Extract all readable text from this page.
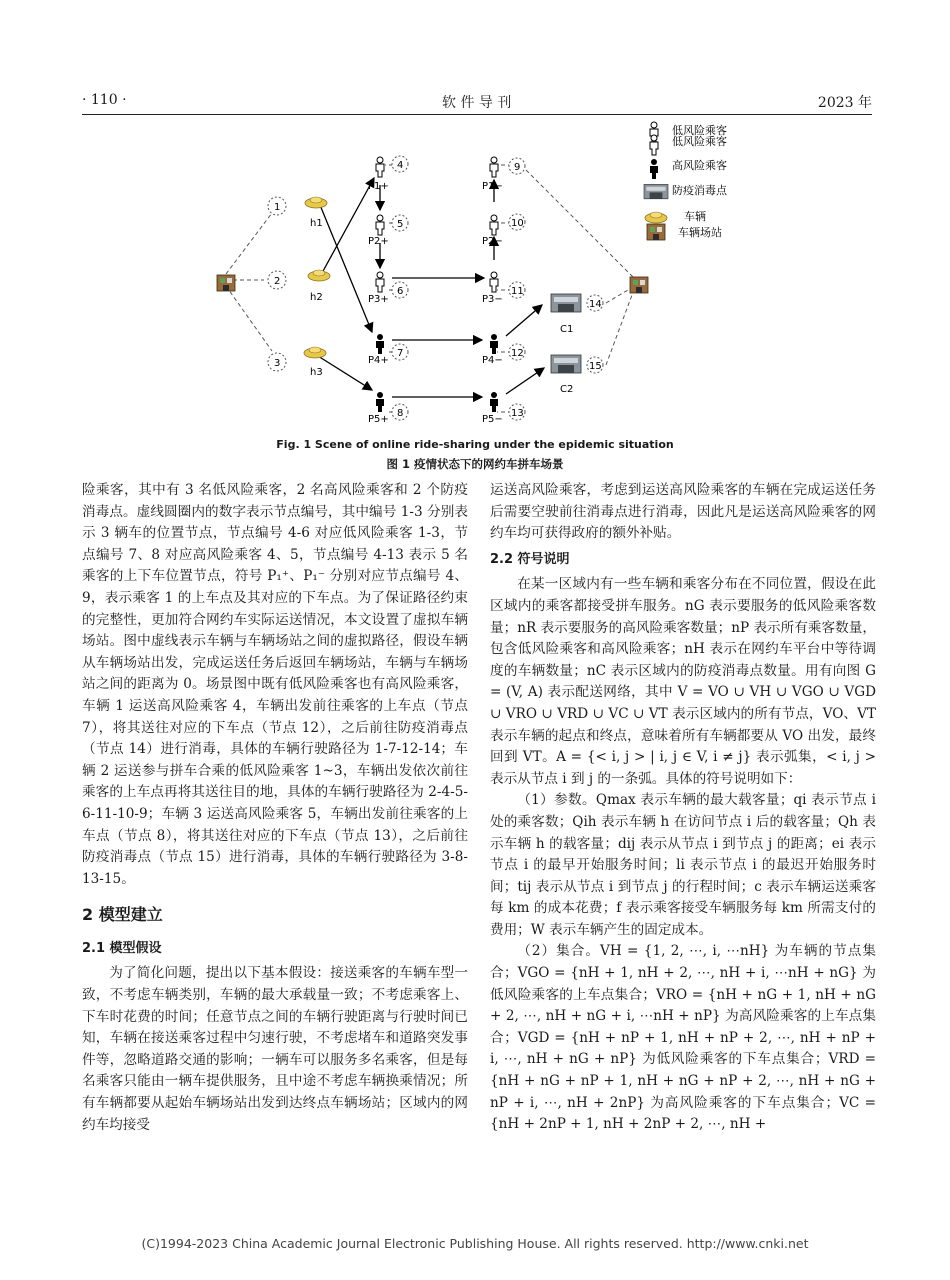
· 110 ·	软 件 导 刊	2023 年
1
2
3
h1
h2
h3
P1+
P2+
P3+
P4+
P5+
P1−
P2−
P3−
P4−
P5−
4
5
6
7
8
9
10
11
12
13
14
15
C1
C2
低风险乘客
低风险乘客
高风险乘客
防疫消毒点
车辆
车辆场站
Fig. 1 Scene of online ride-sharing under the epidemic situation
图 1 疫情状态下的网约车拼车场景

险乘客，其中有 3 名低风险乘客，2 名高风险乘客和 2 个防疫消毒点。虚线圆圈内的数字表示节点编号，其中编号 1-3 分别表示 3 辆车的位置节点，节点编号 4-6 对应低风险乘客 1-3，节点编号 7、8 对应高风险乘客 4、5，节点编号 4-13 表示 5 名乘客的上下车位置节点，符号 P₁⁺、P₁⁻ 分别对应节点编号 4、9，表示乘客 1 的上车点及其对应的下车点。为了保证路径约束的完整性，更加符合网约车实际运送情况，本文设置了虚拟车辆场站。图中虚线表示车辆与车辆场站之间的虚拟路径，假设车辆从车辆场站出发，完成运送任务后返回车辆场站，车辆与车辆场站之间的距离为 0。场景图中既有低风险乘客也有高风险乘客，车辆 1 运送高风险乘客 4，车辆出发前往乘客的上车点（节点 7），将其送往对应的下车点（节点 12），之后前往防疫消毒点（节点 14）进行消毒，具体的车辆行驶路径为 1-7-12-14；车辆 2 运送参与拼车合乘的低风险乘客 1~3，车辆出发依次前往乘客的上车点再将其送往目的地，具体的车辆行驶路径为 2-4-5-6-11-10-9；车辆 3 运送高风险乘客 5，车辆出发前往乘客的上车点（节点 8），将其送往对应的下车点（节点 13），之后前往防疫消毒点（节点 15）进行消毒，具体的车辆行驶路径为 3-8-13-15。

2 模型建立
2.1 模型假设

为了简化问题，提出以下基本假设：接送乘客的车辆车型一致，不考虑车辆类别，车辆的最大承载量一致；不考虑乘客上、下车时花费的时间；任意节点之间的车辆行驶距离与行驶时间已知，车辆在接送乘客过程中匀速行驶，不考虑堵车和道路突发事件等，忽略道路交通的影响；一辆车可以服务多名乘客，但是每名乘客只能由一辆车提供服务，且中途不考虑车辆换乘情况；所有车辆都要从起始车辆场站出发到达终点车辆场站；区域内的网约车均接受

运送高风险乘客，考虑到运送高风险乘客的车辆在完成运送任务后需要空驶前往消毒点进行消毒，因此凡是运送高风险乘客的网约车均可获得政府的额外补贴。

2.2 符号说明

在某一区域内有一些车辆和乘客分布在不同位置，假设在此区域内的乘客都接受拼车服务。nG 表示要服务的低风险乘客数量；nR 表示要服务的高风险乘客数量；nP 表示所有乘客数量，包含低风险乘客和高风险乘客；nH 表示在网约车平台中等待调度的车辆数量；nC 表示区域内的防疫消毒点数量。用有向图 G = (V, A) 表示配送网络，其中 V = VO ∪ VH ∪ VGO ∪ VGD ∪ VRO ∪ VRD ∪ VC ∪ VT 表示区域内的所有节点，VO、VT 表示车辆的起点和终点，意味着所有车辆都要从 VO 出发，最终回到 VT。A = {< i, j > | i, j ∈ V, i ≠ j} 表示弧集，< i, j > 表示从节点 i 到 j 的一条弧。具体的符号说明如下：

（1）参数。Qmax 表示车辆的最大载客量；qi 表示节点 i 处的乘客数；Qih 表示车辆 h 在访问节点 i 后的载客量；Qh 表示车辆 h 的载客量；dij 表示从节点 i 到节点 j 的距离；ei 表示节点 i 的最早开始服务时间；li 表示节点 i 的最迟开始服务时间；tij 表示从节点 i 到节点 j 的行程时间；c 表示车辆运送乘客每 km 的成本花费；f 表示乘客接受车辆服务每 km 所需支付的费用；W 表示车辆产生的固定成本。

（2）集合。VH = {1, 2, ⋯, i, ⋯nH} 为车辆的节点集合；VGO = {nH + 1, nH + 2, ⋯, nH + i, ⋯nH + nG} 为低风险乘客的上车点集合；VRO = {nH + nG + 1, nH + nG + 2, ⋯, nH + nG + i, ⋯nH + nP} 为高风险乘客的上车点集合；VGD = {nH + nP + 1, nH + nP + 2, ⋯, nH + nP + i, ⋯, nH + nG + nP} 为低风险乘客的下车点集合；VRD = {nH + nG + nP + 1, nH + nG + nP + 2, ⋯, nH + nG + nP + i, ⋯, nH + 2nP} 为高风险乘客的下车点集合；VC = {nH + 2nP + 1, nH + 2nP + 2, ⋯, nH +

(C)1994-2023 China Academic Journal Electronic Publishing House. All rights reserved. http://www.cnki.net
